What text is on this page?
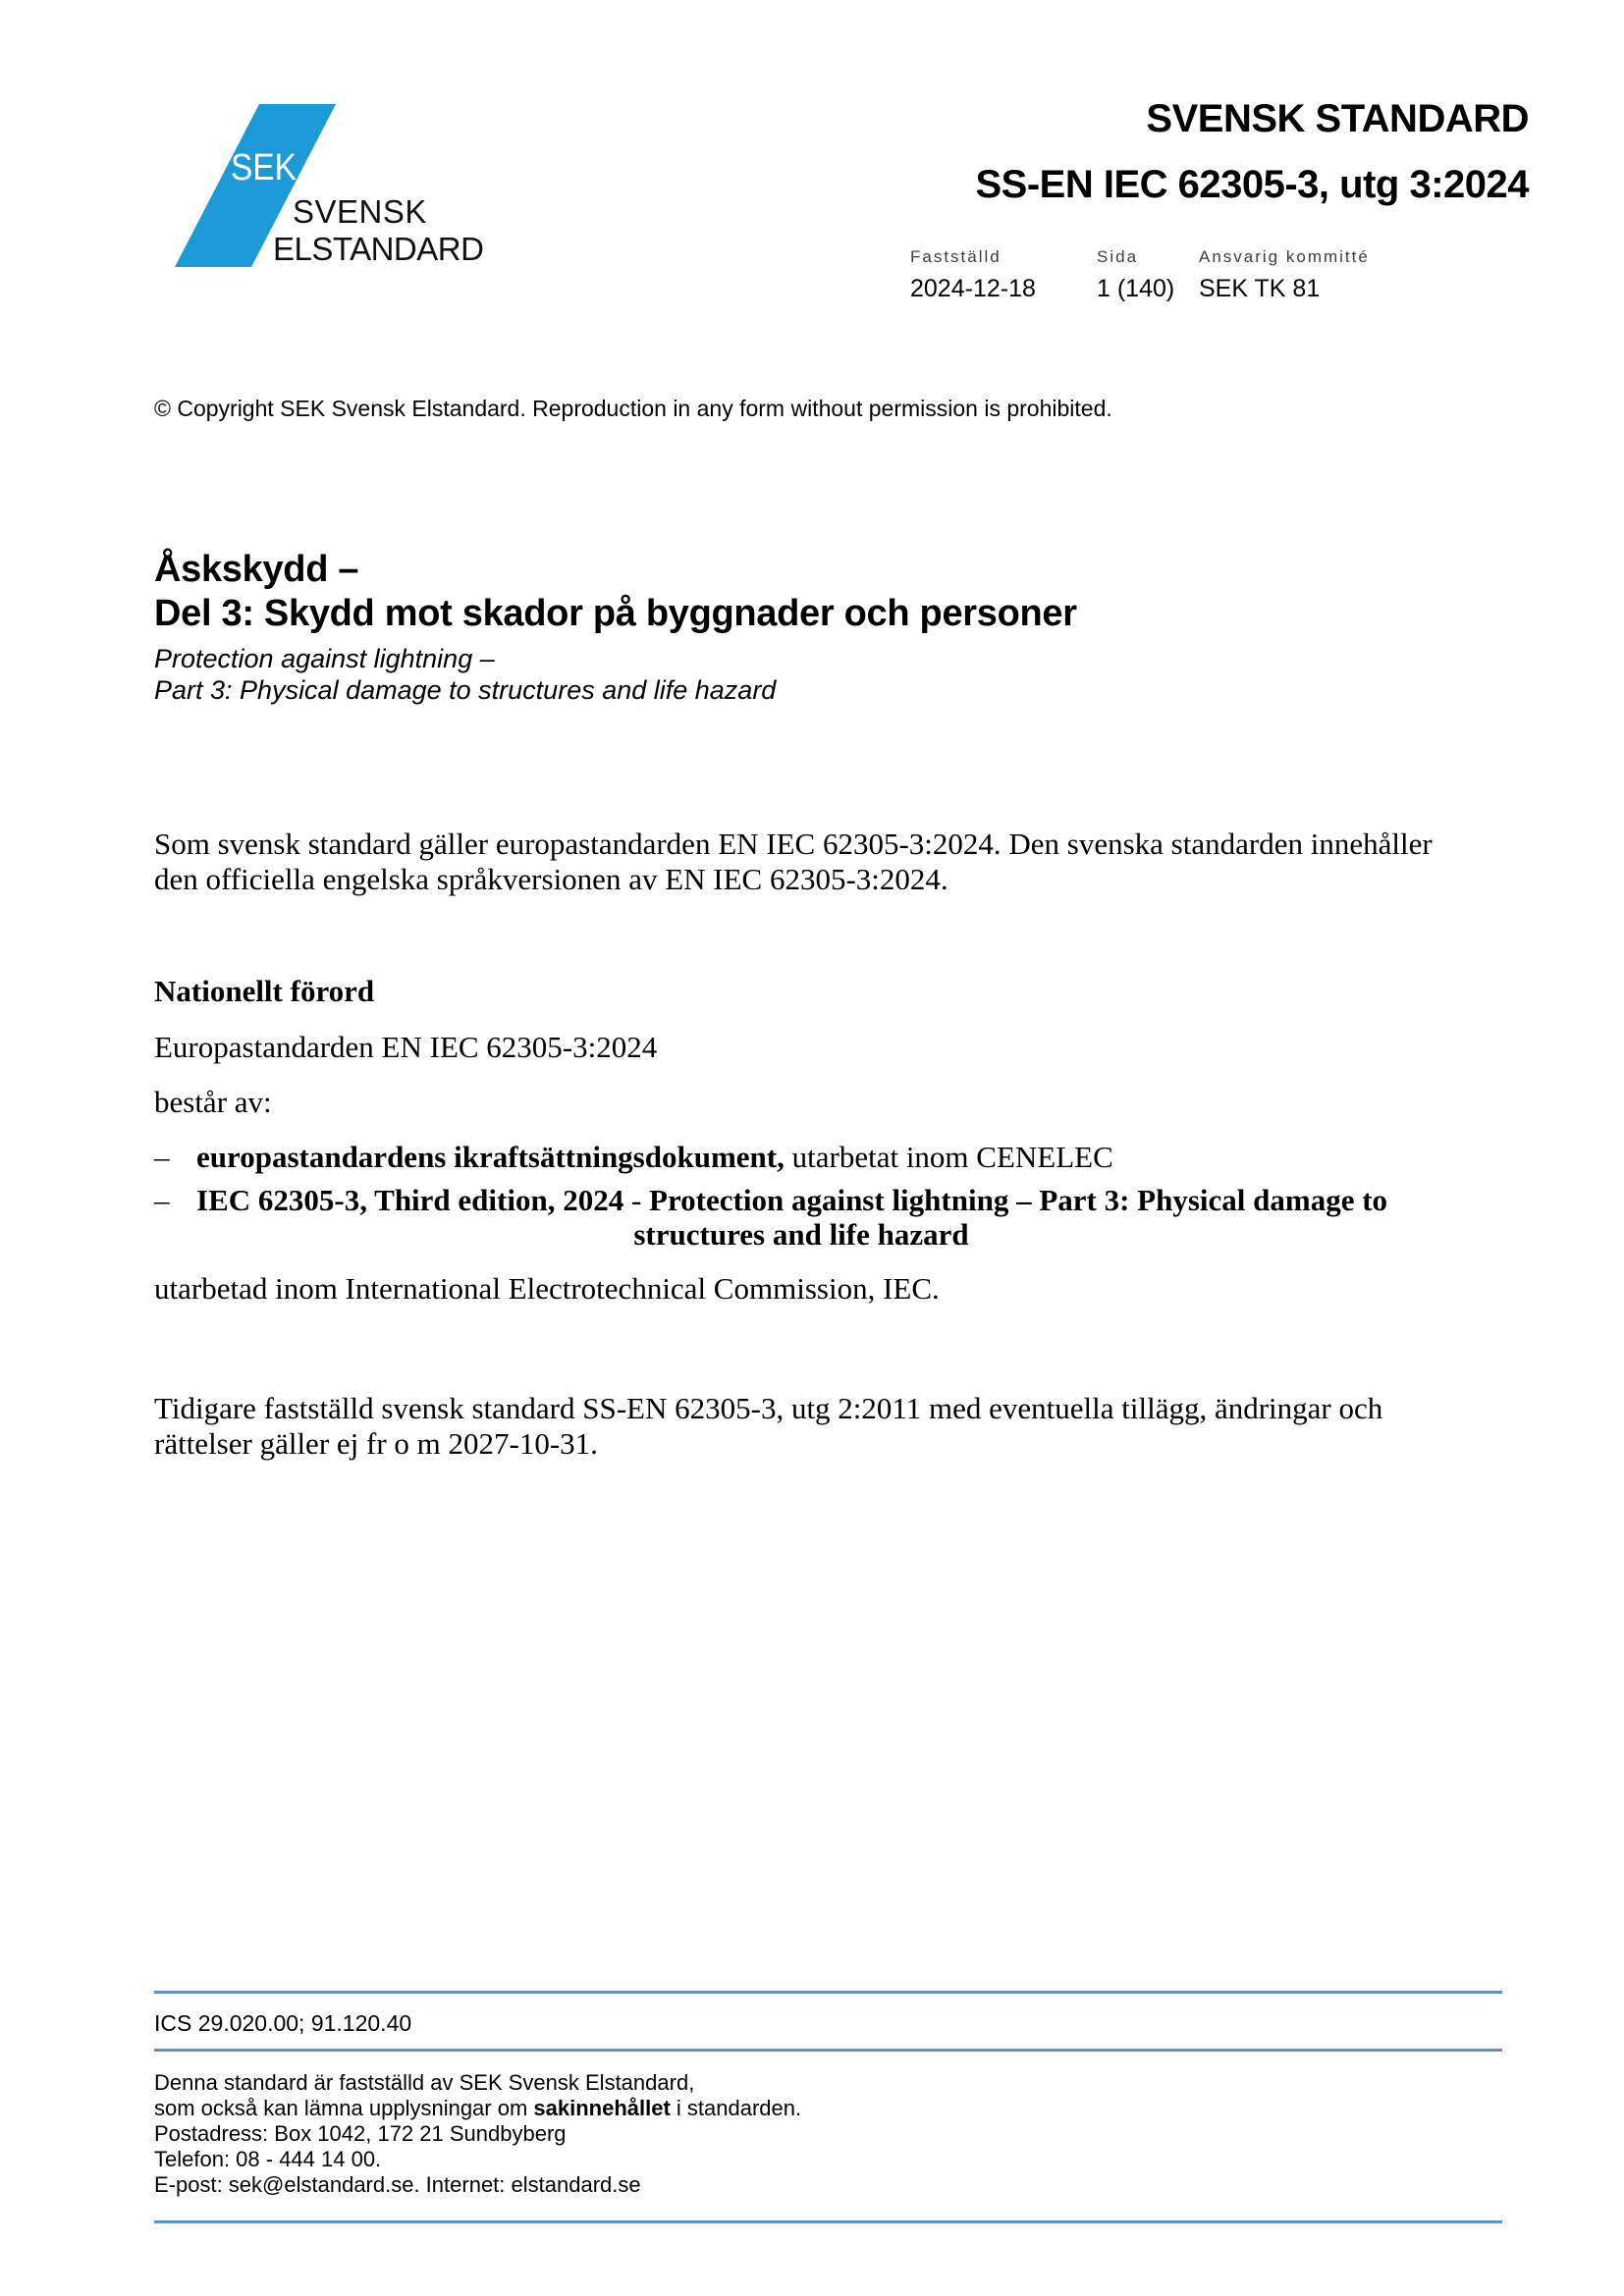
SEK
SVENSK
ELSTANDARD
SVENSK STANDARD
SS-EN IEC 62305-3, utg 3:2024
Fastställd
2024-12-18
Sida
1 (140)
Ansvarig kommitté
SEK TK 81
© Copyright SEK Svensk Elstandard. Reproduction in any form without permission is prohibited.
Åskskydd –
Del 3: Skydd mot skador på byggnader och personer
Protection against lightning –
Part 3: Physical damage to structures and life hazard
Som svensk standard gäller europastandarden EN IEC 62305-3:2024. Den svenska standarden innehåller
den officiella engelska språkversionen av EN IEC 62305-3:2024.
Nationellt förord
Europastandarden EN IEC 62305-3:2024
består av:
– europastandardens ikraftsättningsdokument, utarbetat inom CENELEC
– IEC 62305-3, Third edition, 2024 - Protection against lightning – Part 3: Physical damage to
structures and life hazard
utarbetad inom International Electrotechnical Commission, IEC.
Tidigare fastställd svensk standard SS-EN 62305-3, utg 2:2011 med eventuella tillägg, ändringar och
rättelser gäller ej fr o m 2027-10-31.
ICS 29.020.00; 91.120.40
Denna standard är fastställd av SEK Svensk Elstandard,
som också kan lämna upplysningar om sakinnehållet i standarden.
Postadress: Box 1042, 172 21 Sundbyberg
Telefon: 08 - 444 14 00.
E-post: sek@elstandard.se. Internet: elstandard.se
